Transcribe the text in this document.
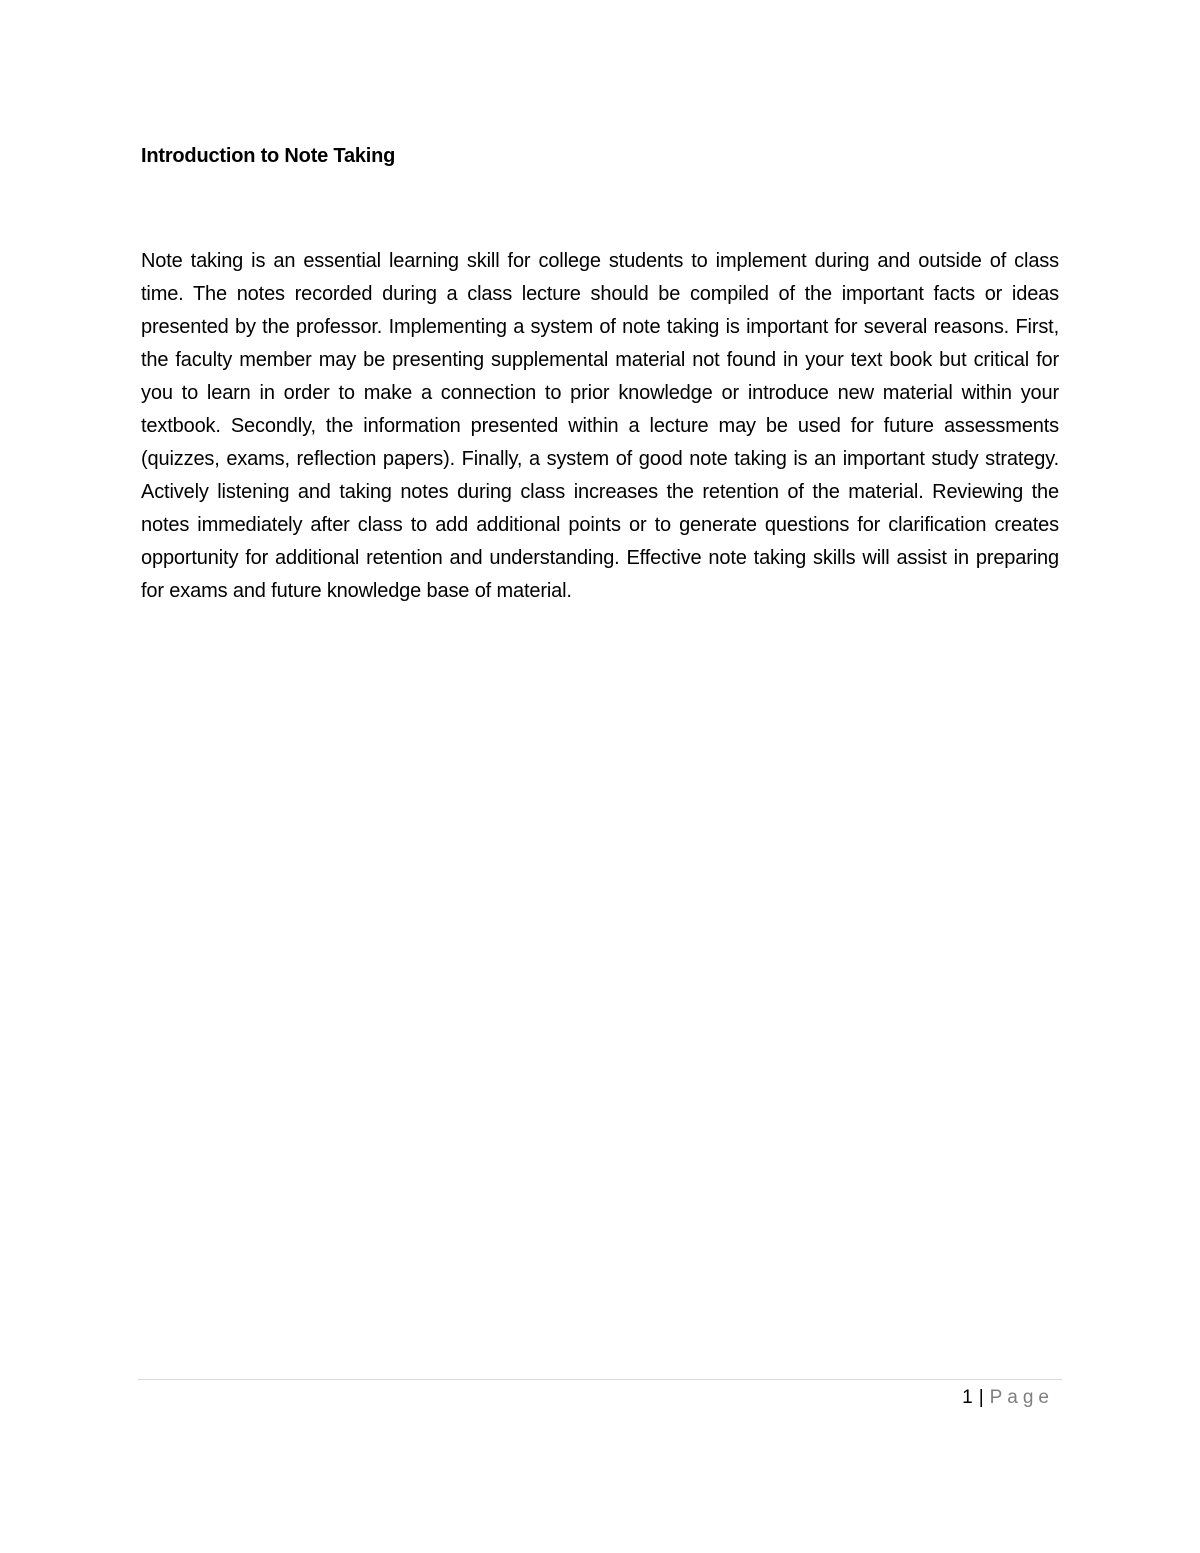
Introduction to Note Taking

Note taking is an essential learning skill for college students to implement during and outside of class time. The notes recorded during a class lecture should be compiled of the important facts or ideas presented by the professor. Implementing a system of note taking is important for several reasons. First, the faculty member may be presenting supplemental material not found in your text book but critical for you to learn in order to make a connection to prior knowledge or introduce new material within your textbook. Secondly, the information presented within a lecture may be used for future assessments (quizzes, exams, reflection papers). Finally, a system of good note taking is an important study strategy. Actively listening and taking notes during class increases the retention of the material. Reviewing the notes immediately after class to add additional points or to generate questions for clarification creates opportunity for additional retention and understanding. Effective note taking skills will assist in preparing for exams and future knowledge base of material.

1 | Page
